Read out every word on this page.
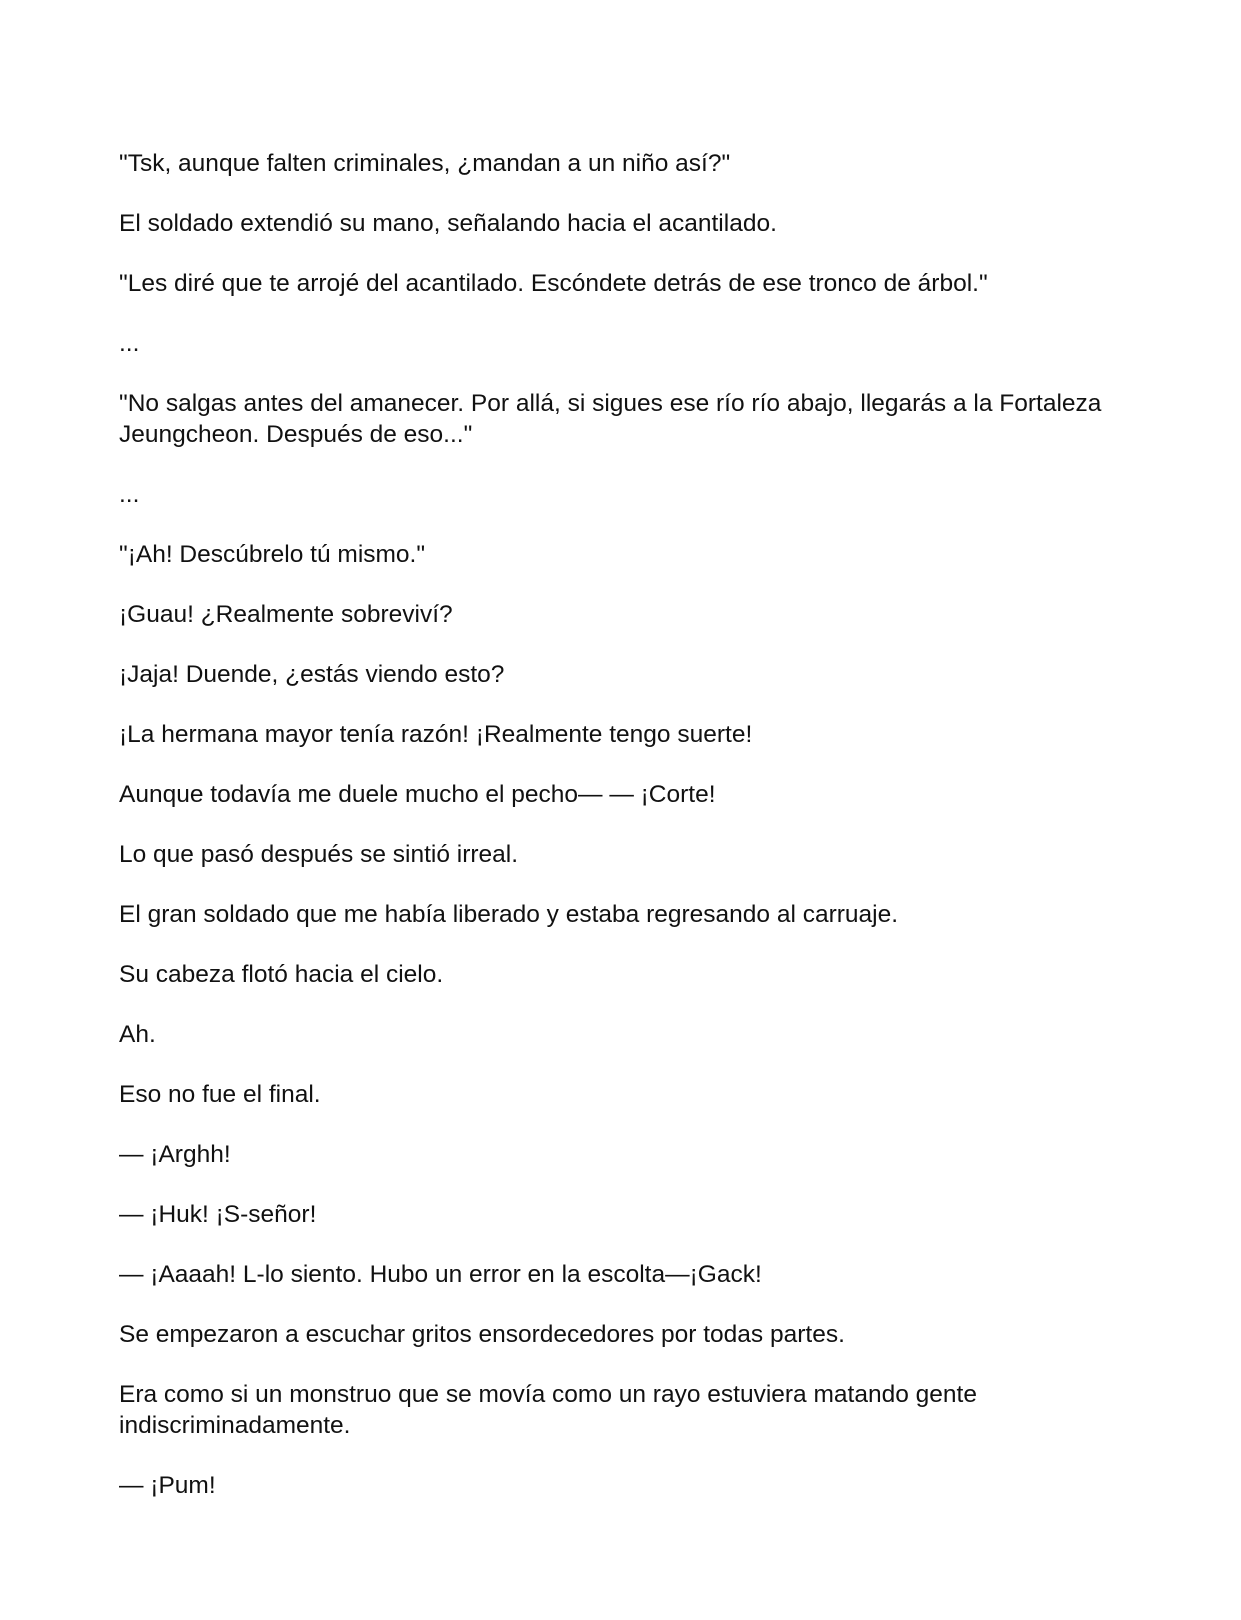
"Tsk, aunque falten criminales, ¿mandan a un niño así?"

El soldado extendió su mano, señalando hacia el acantilado.

"Les diré que te arrojé del acantilado. Escóndete detrás de ese tronco de árbol."

...

"No salgas antes del amanecer. Por allá, si sigues ese río río abajo, llegarás a la Fortaleza Jeungcheon. Después de eso..."

...

"¡Ah! Descúbrelo tú mismo."

¡Guau! ¿Realmente sobreviví?

¡Jaja! Duende, ¿estás viendo esto?

¡La hermana mayor tenía razón! ¡Realmente tengo suerte!

Aunque todavía me duele mucho el pecho— — ¡Corte!

Lo que pasó después se sintió irreal.

El gran soldado que me había liberado y estaba regresando al carruaje.

Su cabeza flotó hacia el cielo.

Ah.

Eso no fue el final.

— ¡Arghh!

— ¡Huk! ¡S-señor!

— ¡Aaaah! L-lo siento. Hubo un error en la escolta—¡Gack!

Se empezaron a escuchar gritos ensordecedores por todas partes.

Era como si un monstruo que se movía como un rayo estuviera matando gente indiscriminadamente.

— ¡Pum!
